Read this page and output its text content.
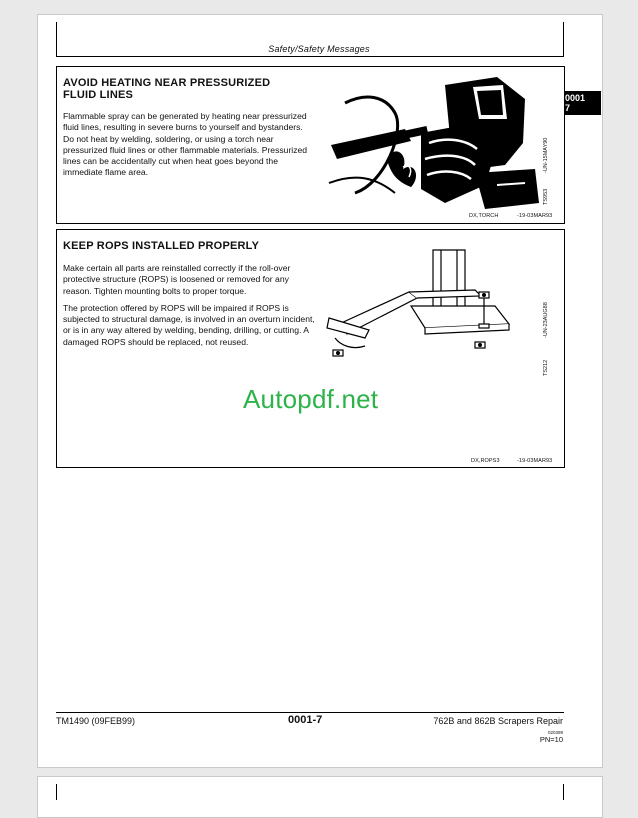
Safety/Safety Messages
0001
7
AVOID HEATING NEAR PRESSURIZED
FLUID LINES

Flammable spray can be generated by heating near pressurized fluid lines, resulting in severe burns to yourself and bystanders. Do not heat by welding, soldering, or using a torch near pressurized fluid lines or other flammable materials. Pressurized lines can be accidentally cut when heat goes beyond the immediate flame area.	-UN-15MAY90
TS953
DX,TORCH	-19-03MAR93
KEEP ROPS INSTALLED PROPERLY

Make certain all parts are reinstalled correctly if the roll-over protective structure (ROPS) is loosened or removed for any reason. Tighten mounting bolts to proper torque.

The protection offered by ROPS will be impaired if ROPS is subjected to structural damage, is involved in an overturn incident, or is in any way altered by welding, bending, drilling, or cutting. A damaged ROPS should be replaced, not reused.

-UN-23AUG88
TS212
DX,ROPS3	-19-03MAR93
Autopdf.net
TM1490 (09FEB99)	0001-7	762B and 862B Scrapers Repair
020399
PN=10
